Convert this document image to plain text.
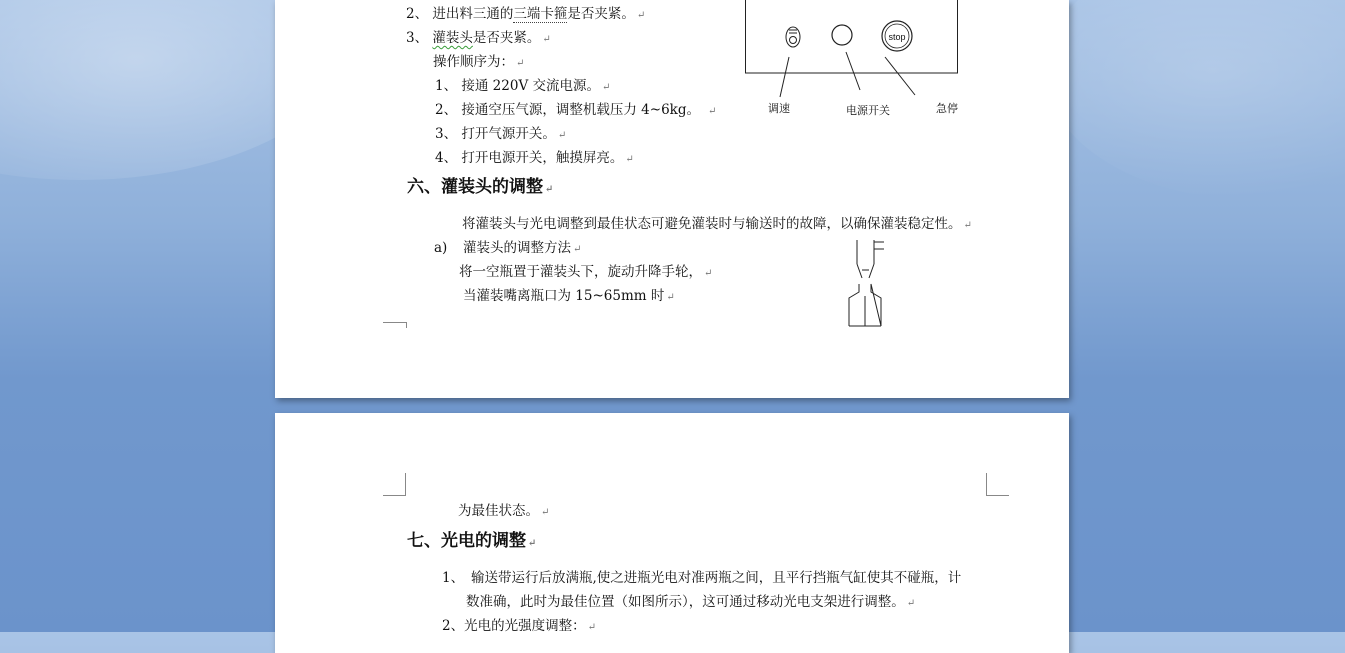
2、 进出料三通的三端卡箍是否夹紧。 ↵
3、 灌装头是否夹紧。 ↵
操作顺序为： ↵
1、 接通 220V 交流电源。 ↵
2、 接通空压气源，调整机载压力 4~6kg。 ↵
3、 打开气源开关。 ↵
4、 打开电源开关，触摸屏亮。 ↵
六、灌装头的调整 ↵
将灌装头与光电调整到最佳状态可避免灌装时与输送时的故障，以确保灌装稳定性。 ↵
a) 灌装头的调整方法 ↵
将一空瓶置于灌装头下，旋动升降手轮， ↵
当灌装嘴离瓶口为 15~65mm 时 ↵
stop
调速	电源开关	急停
为最佳状态。 ↵
七、光电的调整 ↵
1、 输送带运行后放满瓶,使之进瓶光电对准两瓶之间，且平行挡瓶气缸使其不碰瓶，计
数准确，此时为最佳位置（如图所示），这可通过移动光电支架进行调整。 ↵
2、光电的光强度调整： ↵
